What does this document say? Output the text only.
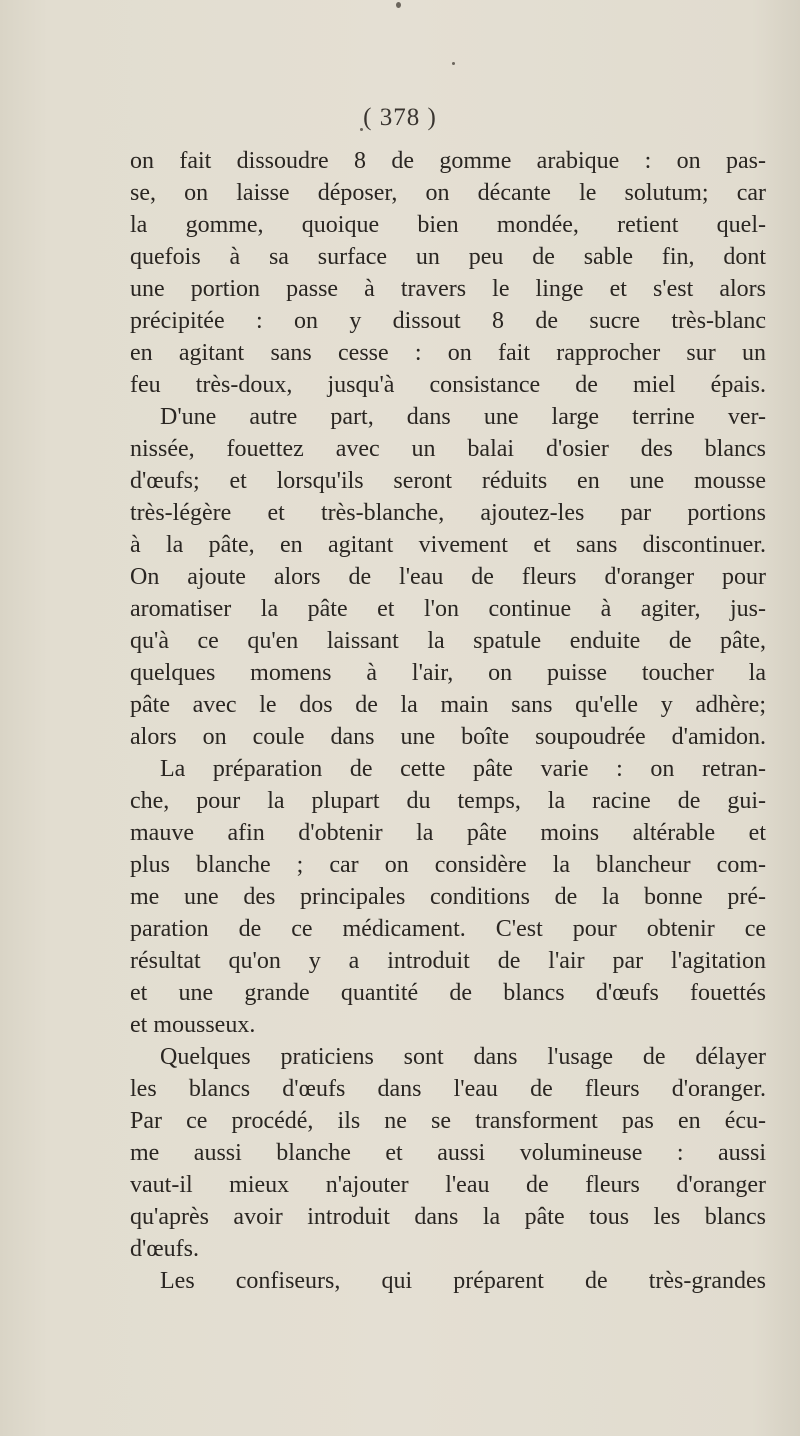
( 378 )
on fait dissoudre 8 de gomme arabique : on pas-
se, on laisse déposer, on décante le solutum; car
la gomme, quoique bien mondée, retient quel-
quefois à sa surface un peu de sable fin, dont
une portion passe à travers le linge et s'est alors
précipitée : on y dissout 8 de sucre très-blanc
en agitant sans cesse : on fait rapprocher sur un
feu très-doux, jusqu'à consistance de miel épais.
D'une autre part, dans une large terrine ver-
nissée, fouettez avec un balai d'osier des blancs
d'œufs; et lorsqu'ils seront réduits en une mousse
très-légère et très-blanche, ajoutez-les par portions
à la pâte, en agitant vivement et sans discontinuer.
On ajoute alors de l'eau de fleurs d'oranger pour
aromatiser la pâte et l'on continue à agiter, jus-
qu'à ce qu'en laissant la spatule enduite de pâte,
quelques momens à l'air, on puisse toucher la
pâte avec le dos de la main sans qu'elle y adhère;
alors on coule dans une boîte soupoudrée d'amidon.
La préparation de cette pâte varie : on retran-
che, pour la plupart du temps, la racine de gui-
mauve afin d'obtenir la pâte moins altérable et
plus blanche ; car on considère la blancheur com-
me une des principales conditions de la bonne pré-
paration de ce médicament. C'est pour obtenir ce
résultat qu'on y a introduit de l'air par l'agitation
et une grande quantité de blancs d'œufs fouettés
et mousseux.
Quelques praticiens sont dans l'usage de délayer
les blancs d'œufs dans l'eau de fleurs d'oranger.
Par ce procédé, ils ne se transforment pas en écu-
me aussi blanche et aussi volumineuse : aussi
vaut-il mieux n'ajouter l'eau de fleurs d'oranger
qu'après avoir introduit dans la pâte tous les blancs
d'œufs.
Les confiseurs, qui préparent de très-grandes
